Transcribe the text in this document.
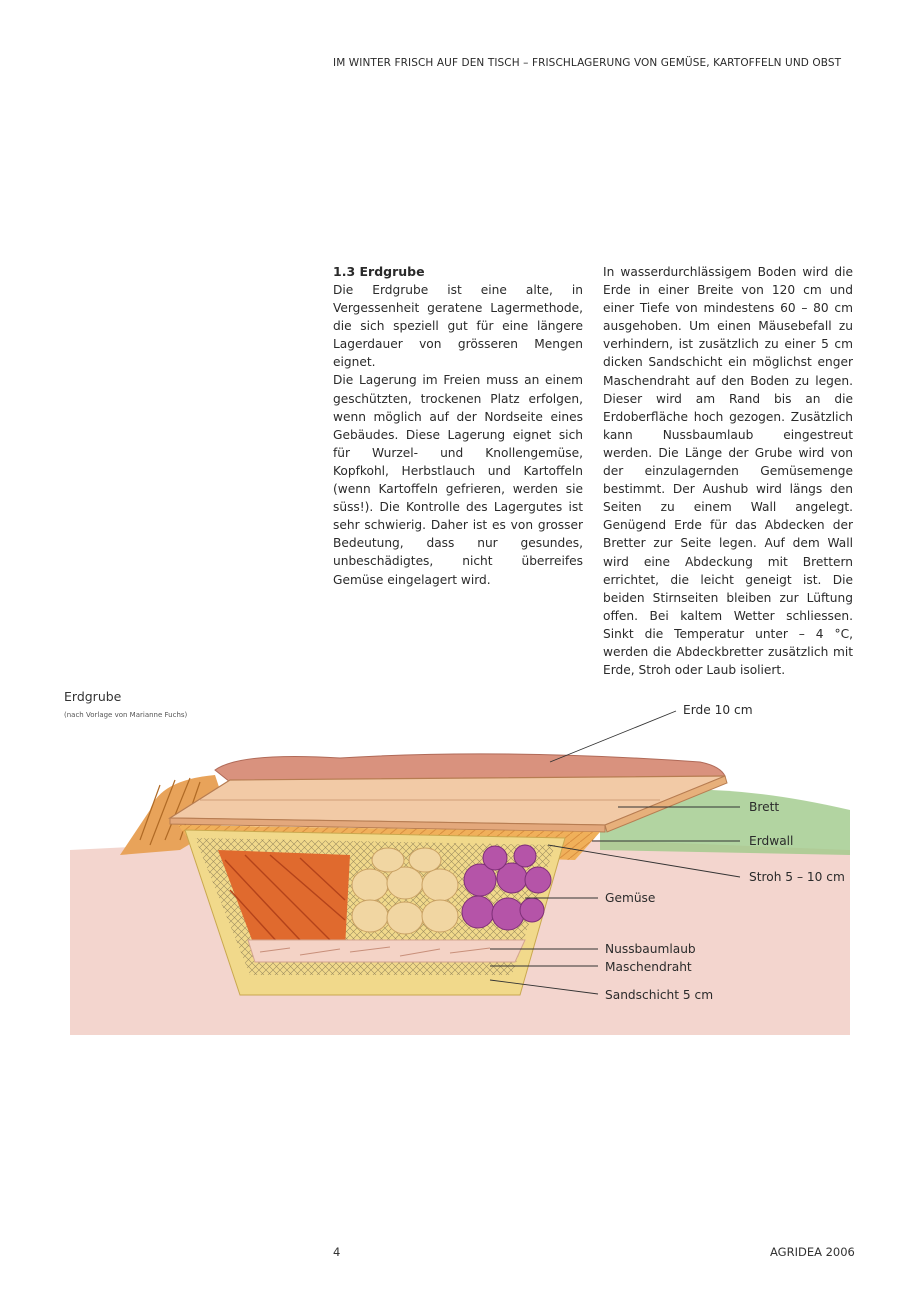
IM WINTER FRISCH AUF DEN TISCH – FRISCHLAGERUNG VON GEMÜSE, KARTOFFELN UND OBST
1.3 Erdgrube

Die Erdgrube ist eine alte, in Vergessenheit geratene Lagermethode, die sich speziell gut für eine längere Lagerdauer von grösseren Mengen eignet.

Die Lagerung im Freien muss an einem geschützten, trockenen Platz erfolgen, wenn möglich auf der Nordseite eines Gebäudes. Diese Lagerung eignet sich für Wurzel- und Knollengemüse, Kopfkohl, Herbstlauch und Kartoffeln (wenn Kartoffeln gefrieren, werden sie süss!). Die Kontrolle des Lagergutes ist sehr schwierig. Daher ist es von grosser Bedeutung, dass nur gesundes, unbeschädigtes, nicht überreifes Gemüse eingelagert wird.

In wasserdurchlässigem Boden wird die Erde in einer Breite von 120 cm und einer Tiefe von mindestens 60 – 80 cm ausgehoben. Um einen Mäusebefall zu verhindern, ist zusätzlich zu einer 5 cm dicken Sandschicht ein möglichst enger Maschendraht auf den Boden zu legen. Dieser wird am Rand bis an die Erdoberfläche hoch gezogen. Zusätzlich kann Nussbaumlaub eingestreut werden. Die Länge der Grube wird von der einzulagernden Gemüsemenge bestimmt. Der Aushub wird längs den Seiten zu einem Wall angelegt. Genügend Erde für das Abdecken der Bretter zur Seite legen. Auf dem Wall wird eine Abdeckung mit Brettern errichtet, die leicht geneigt ist. Die beiden Stirnseiten bleiben zur Lüftung offen. Bei kaltem Wetter schliessen. Sinkt die Temperatur unter – 4 °C, werden die Abdeckbretter zusätzlich mit Erde, Stroh oder Laub isoliert.

Erdgrube
(nach Vorlage von Marianne Fuchs)	Erde 10 cm
Brett
Erdwall
Stroh 5 – 10 cm
Gemüse
Nussbaumlaub
Maschendraht
Sandschicht 5 cm
4	AGRIDEA 2006
